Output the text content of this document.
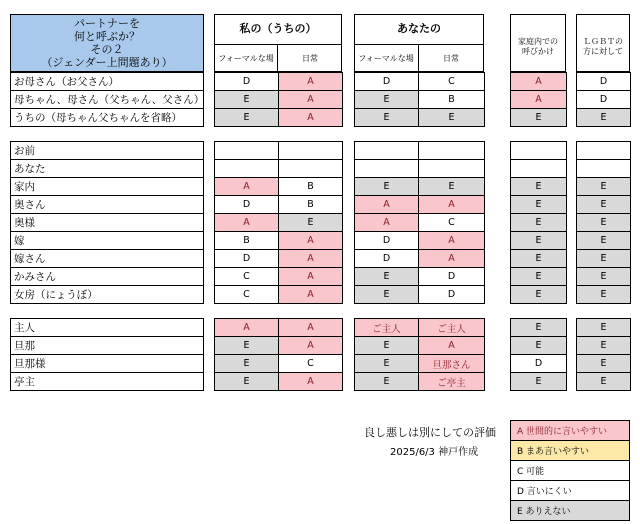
パートナーを
何と呼ぶか？
その２
（ジェンダー上問題あり）
私の（うちの）
フォーマルな場	日常
あなたの
フォーマルな場	日常
家庭内での
呼びかけ
ＬＧＢＴの
方に対して
お母さん（お父さん）	D	A	D	C	A	D
母ちゃん、母さん（父ちゃん、父さん）	E	A	E	B	A	D
うちの（母ちゃん父ちゃんを省略）	E	A	E	E	E	E
お前
あなた
家内	A	B	E	E	E	E
奥さん	D	B	A	A	E	E
奥様	A	E	A	C	E	E
嫁	B	A	D	A	E	E
嫁さん	D	A	D	A	E	E
かみさん	C	A	E	D	E	E
女房（にょうぼ）	C	A	E	D	E	E
主人	A	A	ご主人	ご主人	E	E
旦那	E	A	E	A	E	E
旦那様	E	C	E	旦那さん	D	E
亭主	E	A	E	ご亭主	E	E
良し悪しは別にしての評価
2025/6/3 神戸作成
A 世間的に言いやすい
B まあ言いやすい
C 可能
D 言いにくい
E ありえない
